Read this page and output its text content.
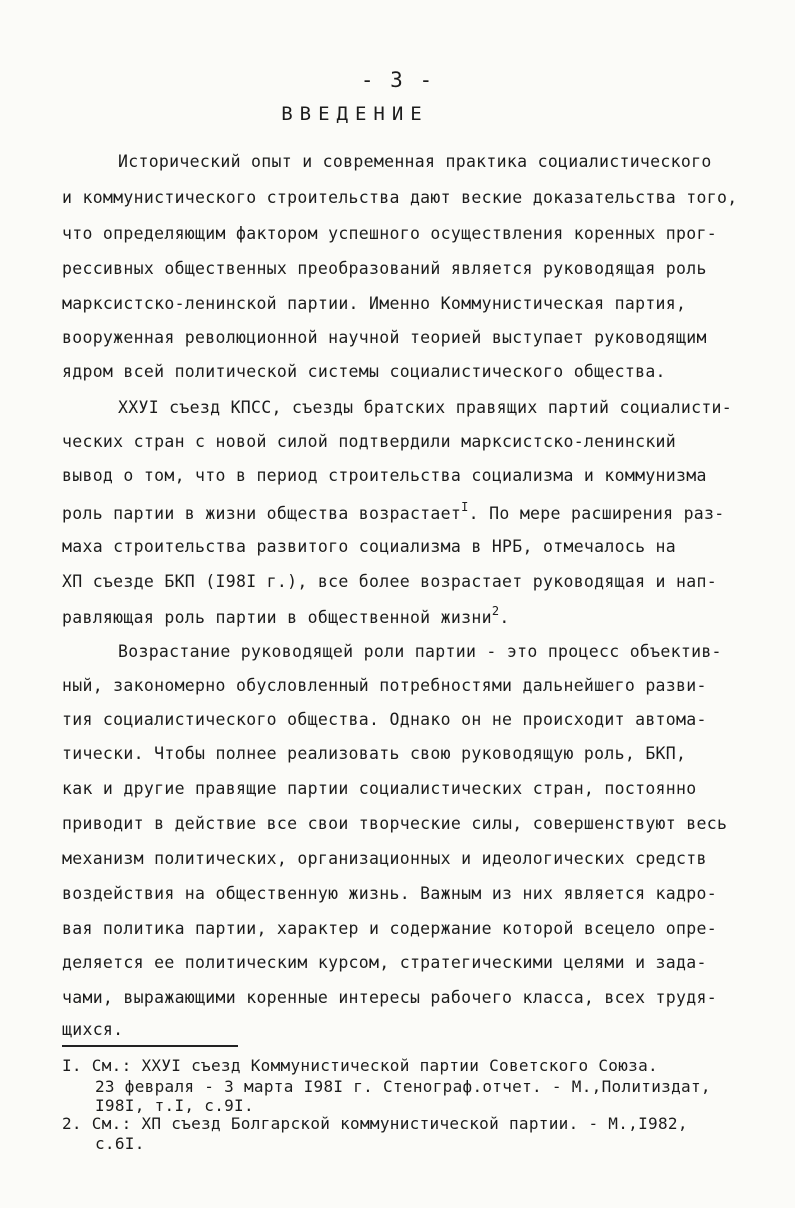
- 3 -
ВВЕДЕНИЕ
Исторический опыт и современная практика социалистического
и коммунистического строительства дают веские доказательства того,
что определяющим фактором успешного осуществления коренных прог-
рессивных общественных преобразований является руководящая роль
марксистско-ленинской партии. Именно Коммунистическая партия,
вооруженная революционной научной теорией выступает руководящим
ядром всей политической системы социалистического общества.
ХХУI съезд КПСС, съезды братских правящих партий социалисти-
ческих стран с новой силой подтвердили марксистско-ленинский
вывод о том, что в период строительства социализма и коммунизма
роль партии в жизни общества возрастает$^I$. По мере расширения раз-
маха строительства развитого социализма в НРБ, отмечалось на
ХП съезде БКП (I98I г.), все более возрастает руководящая и нап-
равляющая роль партии в общественной жизни$^2$.
Возрастание руководящей роли партии - это процесс объектив-
ный, закономерно обусловленный потребностями дальнейшего разви-
тия социалистического общества. Однако он не происходит автома-
тически. Чтобы полнее реализовать свою руководящую роль, БКП,
как и другие правящие партии социалистических стран, постоянно
приводит в действие все свои творческие силы, совершенствуют весь
механизм политических, организационных и идеологических средств
воздействия на общественную жизнь. Важным из них является кадро-
вая политика партии, характер и содержание которой всецело опре-
деляется ее политическим курсом, стратегическими целями и зада-
чами, выражающими коренные интересы рабочего класса, всех трудя-
щихся.
I. См.: ХХУI съезд Коммунистической партии Советского Союза.
23 февраля - 3 марта I98I г. Стенограф.отчет. - М.,Политиздат,
I98I, т.I, с.9I.
2. См.: ХП съезд Болгарской коммунистической партии. - М.,I982,
с.6I.
